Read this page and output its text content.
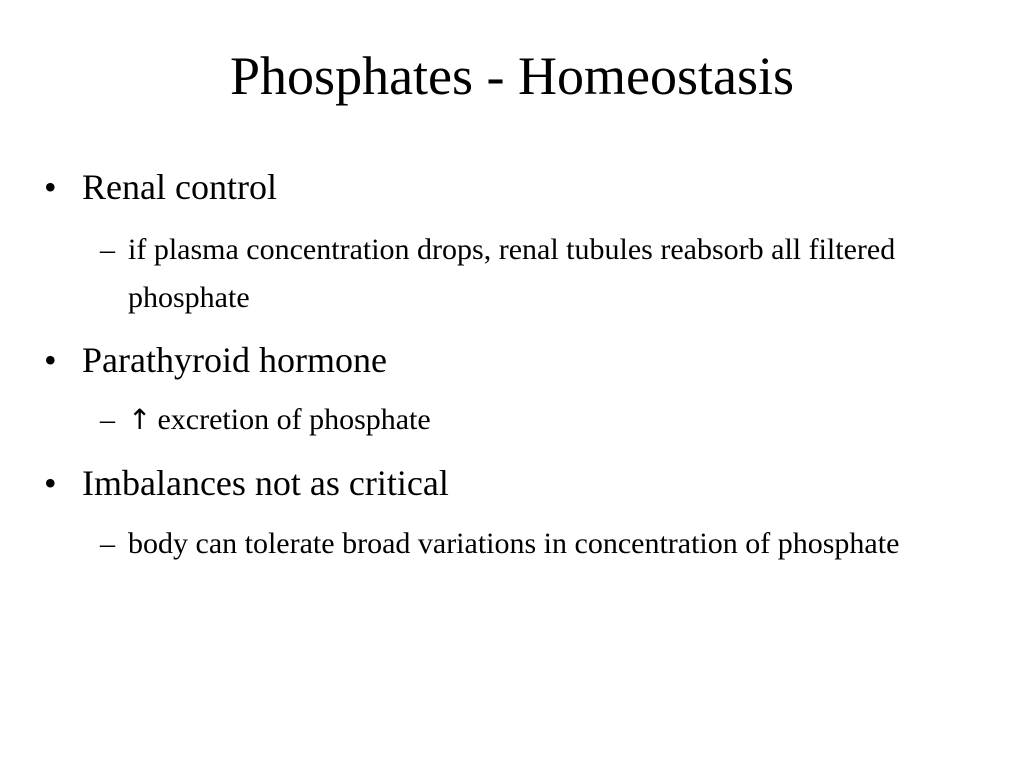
Phosphates - Homeostasis
• Renal control
– if plasma concentration drops, renal tubules reabsorb all filtered phosphate
• Parathyroid hormone
– ↑ excretion of phosphate
• Imbalances not as critical
– body can tolerate broad variations in concentration of phosphate
